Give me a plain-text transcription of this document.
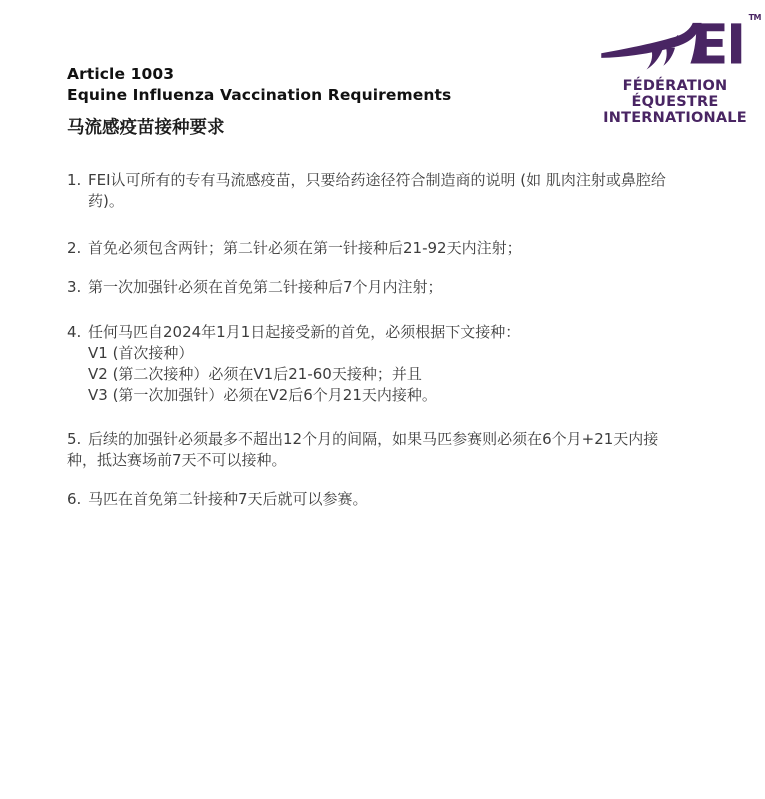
Article 1003
Equine Influenza Vaccination Requirements
马流感疫苗接种要求
TM
FÉDÉRATION
ÉQUESTRE
INTERNATIONALE
1. FEI认可所有的专有马流感疫苗，只要给药途径符合制造商的说明 (如 肌肉注射或鼻腔给
药)。
2. 首免必须包含两针；第二针必须在第一针接种后21-92天内注射；
3. 第一次加强针必须在首免第二针接种后7个月内注射；
4. 任何马匹自2024年1月1日起接受新的首免，必须根据下文接种：
V1 (首次接种）
V2 (第二次接种）必须在V1后21-60天接种；并且
V3 (第一次加强针）必须在V2后6个月21天内接种。
5. 后续的加强针必须最多不超出12个月的间隔，如果马匹参赛则必须在6个月+21天内接
种，抵达赛场前7天不可以接种。
6. 马匹在首免第二针接种7天后就可以参赛。
